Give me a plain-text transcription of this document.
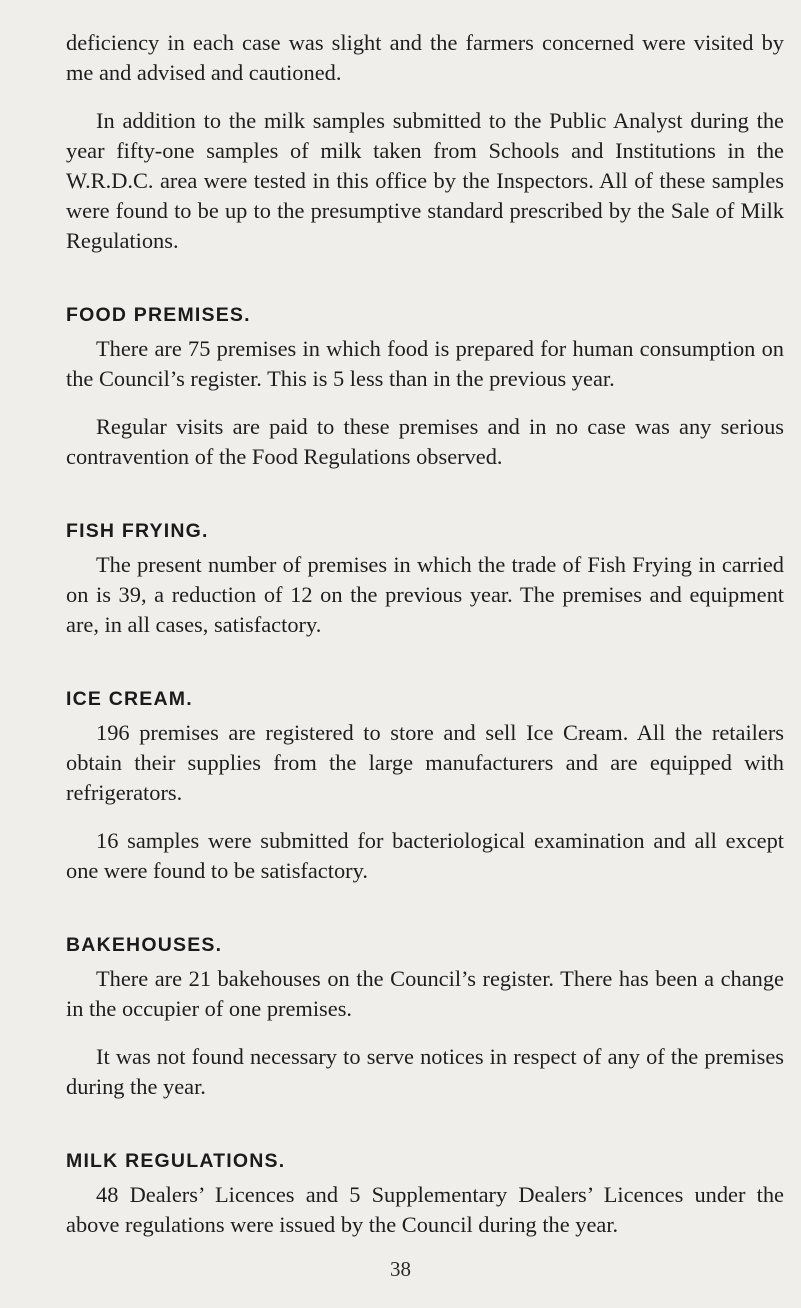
deficiency in each case was slight and the farmers concerned were visited by me and advised and cautioned.

In addition to the milk samples submitted to the Public Analyst during the year fifty-one samples of milk taken from Schools and Institutions in the W.R.D.C. area were tested in this office by the Inspectors. All of these samples were found to be up to the presumptive standard prescribed by the Sale of Milk Regulations.

FOOD PREMISES.

There are 75 premises in which food is prepared for human consumption on the Council’s register. This is 5 less than in the previous year.

Regular visits are paid to these premises and in no case was any serious contravention of the Food Regulations observed.

FISH FRYING.

The present number of premises in which the trade of Fish Frying in carried on is 39, a reduction of 12 on the previous year. The premises and equipment are, in all cases, satisfactory.

ICE CREAM.

196 premises are registered to store and sell Ice Cream. All the retailers obtain their supplies from the large manufacturers and are equipped with refrigerators.

16 samples were submitted for bacteriological examination and all except one were found to be satisfactory.

BAKEHOUSES.

There are 21 bakehouses on the Council’s register. There has been a change in the occupier of one premises.

It was not found necessary to serve notices in respect of any of the premises during the year.

MILK REGULATIONS.

48 Dealers’ Licences and 5 Supplementary Dealers’ Licences under the above regulations were issued by the Council during the year.

38
